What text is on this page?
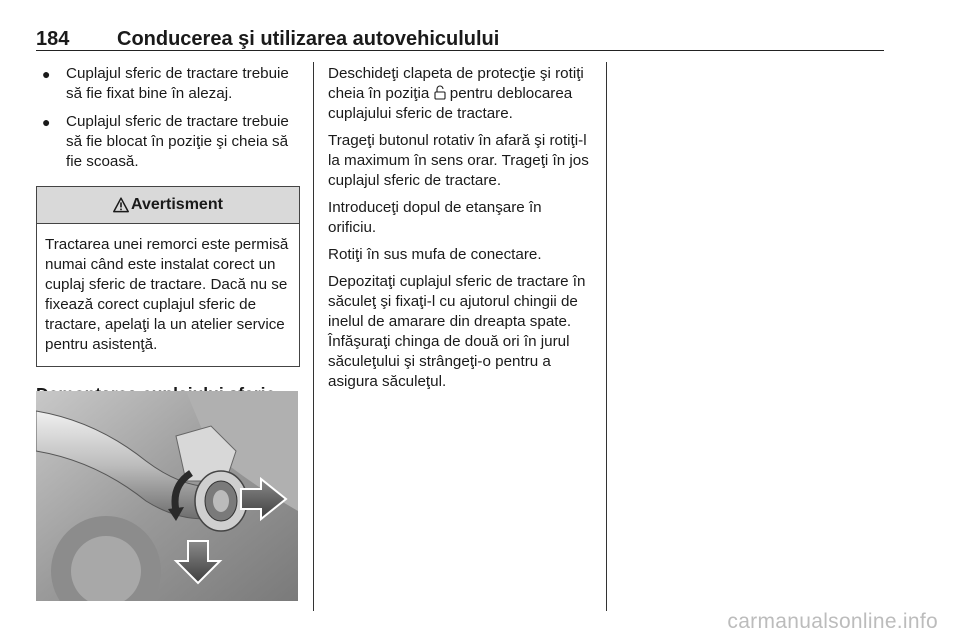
184 Conducerea şi utilizarea autovehiculului
● Cuplajul sferic de tractare trebuie să fie fixat bine în alezaj.
● Cuplajul sferic de tractare trebuie să fie blocat în poziţie şi cheia să fie scoasă.
Avertisment
Tractarea unei remorci este permisă numai când este instalat corect un cuplaj sferic de tractare. Dacă nu se fixează corect cuplajul sferic de tractare, apelaţi la un atelier service pentru asistenţă.

Deschideţi clapeta de protecţie şi rotiţi cheia în poziţia  pentru deblocarea cuplajului sferic de tractare.

Trageţi butonul rotativ în afară şi rotiţi-l la maximum în sens orar. Trageţi în jos cuplajul sferic de tractare.

Introduceţi dopul de etanşare în orificiu.

Rotiţi în sus mufa de conectare.

Depozitaţi cuplajul sferic de tractare în săculeţ şi fixaţi-l cu ajutorul chingii de inelul de amarare din dreapta spate. Înfăşuraţi chinga de două ori în jurul săculeţului şi strângeţi-o pentru a asigura săculeţul.

carmanualsonline.info
